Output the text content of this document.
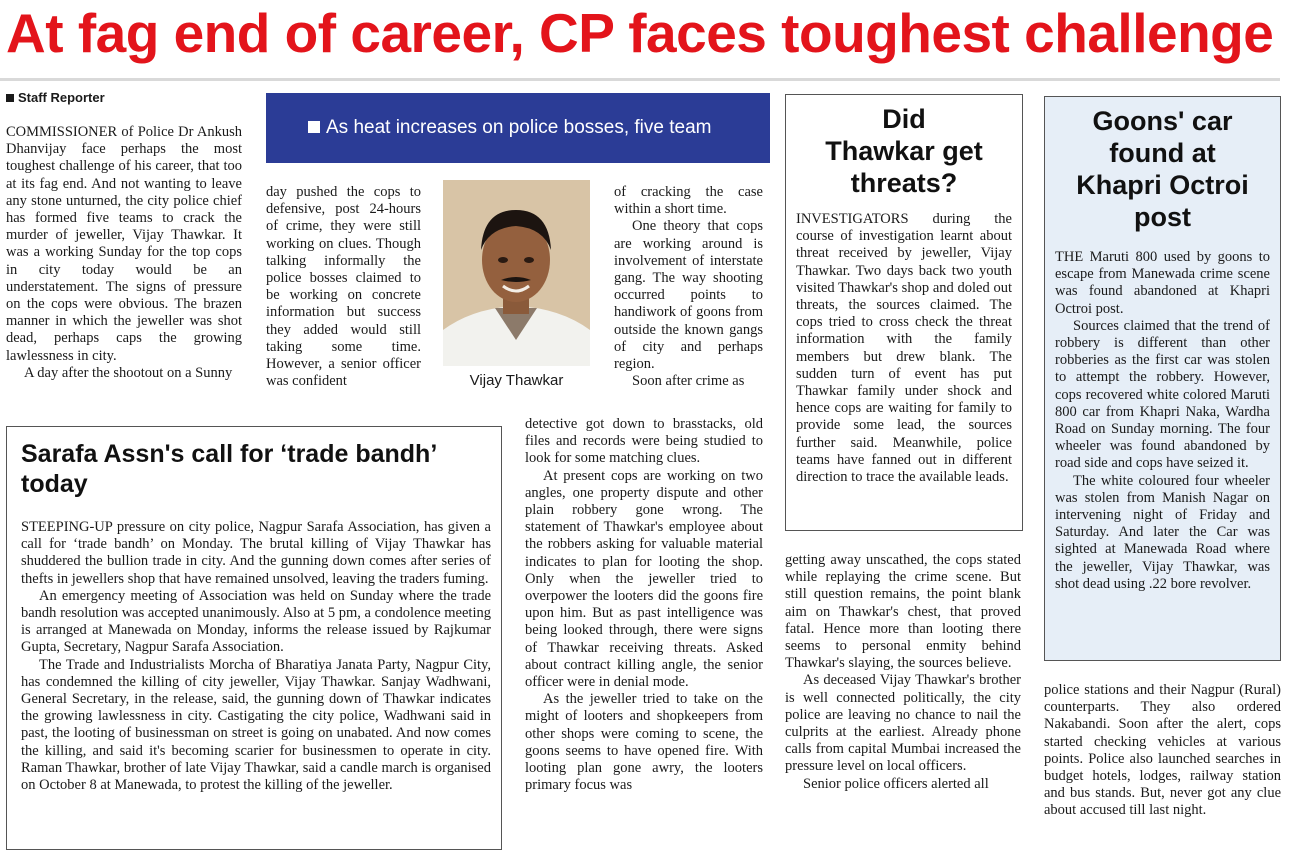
At fag end of career, CP faces toughest challenge
Staff Reporter

COMMISSIONER of Police Dr Ankush Dhanvijay face perhaps the most toughest challenge of his career, that too at its fag end. And not wanting to leave any stone unturned, the city police chief has formed five teams to crack the murder of jeweller, Vijay Thawkar. It was a working Sunday for the top cops in city today would be an understatement. The signs of pressure on the cops were obvious. The brazen manner in which the jeweller was shot dead, perhaps caps the growing lawlessness in city.

A day after the shootout on a Sunny

As heat increases on police bosses, five team

day pushed the cops to defensive, post 24-hours of crime, they were still working on clues. Though talking informally the police bosses claimed to be working on concrete information but success they added would still taking some time. However, a senior officer was confident	Vijay Thawkar

of cracking the case within a short time.

One theory that cops are working around is involvement of interstate gang. The way shooting occurred points to handiwork of goons from outside the known gangs of city and perhaps region.

Soon after crime as

detective got down to brasstacks, old files and records were being studied to look for some matching clues.

At present cops are working on two angles, one property dispute and other plain robbery gone wrong. The statement of Thawkar's employee about the robbers asking for valuable material indicates to plan for looting the shop. Only when the jeweller tried to overpower the looters did the goons fire upon him. But as past intelligence was being looked through, there were signs of Thawkar receiving threats. Asked about contract killing angle, the senior officer were in denial mode.

As the jeweller tried to take on the might of looters and shopkeepers from other shops were coming to scene, the goons seems to have opened fire. With looting plan gone awry, the looters primary focus was

getting away unscathed, the cops stated while replaying the crime scene. But still question remains, the point blank aim on Thawkar's chest, that proved fatal. Hence more than looting there seems to personal enmity behind Thawkar's slaying, the sources believe.

As deceased Vijay Thawkar's brother is well connected politically, the city police are leaving no chance to nail the culprits at the earliest. Already phone calls from capital Mumbai increased the pressure level on local officers.

Senior police officers alerted all

police stations and their Nagpur (Rural) counterparts. They also ordered Nakabandi. Soon after the alert, cops started checking vehicles at various points. Police also launched searches in budget hotels, lodges, railway station and bus stands. But, never got any clue about accused till last night.

Did Thawkar get threats?

INVESTIGATORS during the course of investigation learnt about threat received by jeweller, Vijay Thawkar. Two days back two youth visited Thawkar's shop and doled out threats, the sources claimed. The cops tried to cross check the threat information with the family members but drew blank. The sudden turn of event has put Thawkar family under shock and hence cops are waiting for family to provide some lead, the sources further said. Meanwhile, police teams have fanned out in different direction to trace the available leads.

Goons' car found at Khapri Octroi post

THE Maruti 800 used by goons to escape from Manewada crime scene was found abandoned at Khapri Octroi post.

Sources claimed that the trend of robbery is different than other robberies as the first car was stolen to attempt the robbery. However, cops recovered white colored Maruti 800 car from Khapri Naka, Wardha Road on Sunday morning. The four wheeler was found abandoned by road side and cops have seized it.

The white coloured four wheeler was stolen from Manish Nagar on intervening night of Friday and Saturday. And later the Car was sighted at Manewada Road where the jeweller, Vijay Thawkar, was shot dead using .22 bore revolver.

Sarafa Assn's call for ‘trade bandh’ today

STEEPING-UP pressure on city police, Nagpur Sarafa Association, has given a call for ‘trade bandh’ on Monday. The brutal killing of Vijay Thawkar has shuddered the bullion trade in city. And the gunning down comes after series of thefts in jewellers shop that have remained unsolved, leaving the traders fuming.

An emergency meeting of Association was held on Sunday where the trade bandh resolution was accepted unanimously. Also at 5 pm, a condolence meeting is arranged at Manewada on Monday, informs the release issued by Rajkumar Gupta, Secretary, Nagpur Sarafa Association.

The Trade and Industrialists Morcha of Bharatiya Janata Party, Nagpur City, has condemned the killing of city jeweller, Vijay Thawkar. Sanjay Wadhwani, General Secretary, in the release, said, the gunning down of Thawkar indicates the growing lawlessness in city. Castigating the city police, Wadhwani said in past, the looting of businessman on street is going on unabated. And now comes the killing, and said it's becoming scarier for businessmen to operate in city. Raman Thawkar, brother of late Vijay Thawkar, said a candle march is organised on October 8 at Manewada, to protest the killing of the jeweller.
